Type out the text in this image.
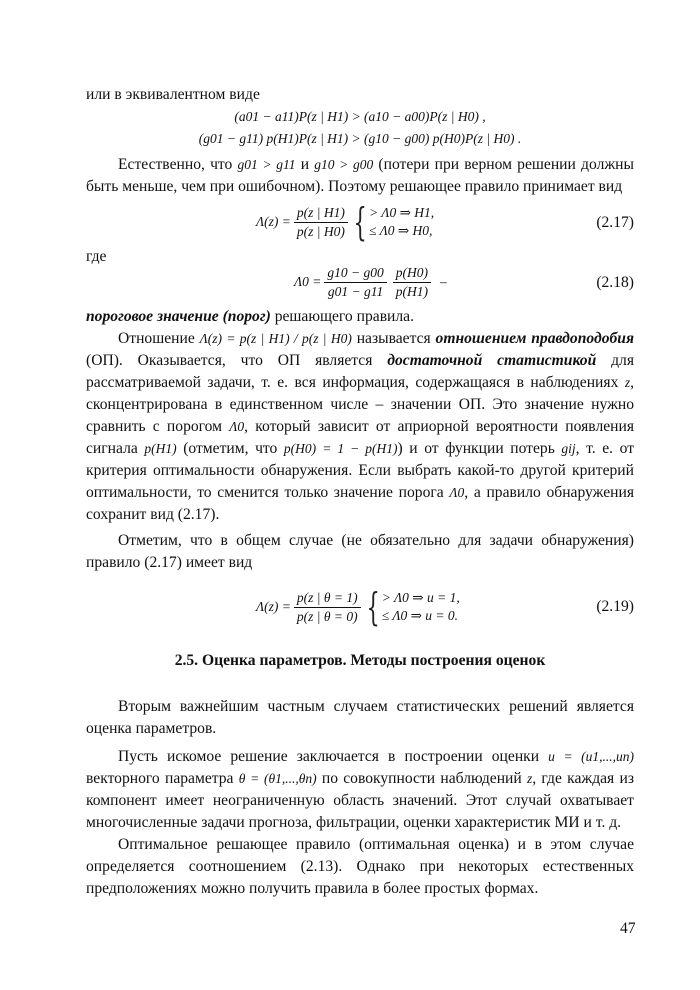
или в эквивалентном виде

(a01 − a11)P(z | H1) > (a10 − a00)P(z | H0) ,

(g01 − g11) p(H1)P(z | H1) > (g10 − g00) p(H0)P(z | H0) .

Естественно, что g01 > g11 и g10 > g00 (потери при верном решении должны быть меньше, чем при ошибочном). Поэтому решающее правило принимает вид

$\Lambda(z) = \frac{p(z | H1)}{p(z | H0)}$ { > Λ0 ⇒ H1,
≤ Λ0 ⇒ H0,	(2.17)

где

$\Lambda 0 = \frac{g10 - g00}{g01 - g11} \frac{p(H0)}{p(H1)}$ –	(2.18)

пороговое значение (порог) решающего правила.

Отношение Λ(z) = p(z | H1) / p(z | H0) называется отношением правдоподобия (ОП). Оказывается, что ОП является достаточной статистикой для рассматриваемой задачи, т. е. вся информация, содержащаяся в наблюдениях z, сконцентрирована в единственном числе – значении ОП. Это значение нужно сравнить с порогом Λ0, который зависит от априорной вероятности появления сигнала p(H1) (отметим, что p(H0) = 1 − p(H1)) и от функции потерь gij, т. е. от критерия оптимальности обнаружения. Если выбрать какой-то другой критерий оптимальности, то сменится только значение порога Λ0, а правило обнаружения сохранит вид (2.17).

Отметим, что в общем случае (не обязательно для задачи обнаружения) правило (2.17) имеет вид

$\Lambda(z) = \frac{p(z | \theta = 1)}{p(z | \theta = 0)}$ { > Λ0 ⇒ u = 1,
≤ Λ0 ⇒ u = 0.
(2.19)

2.5. Оценка параметров. Методы построения оценок

Вторым важнейшим частным случаем статистических решений является оценка параметров.

Пусть искомое решение заключается в построении оценки u = (u1,...,un) векторного параметра θ = (θ1,...,θn) по совокупности наблюдений z, где каждая из компонент имеет неограниченную область значений. Этот случай охватывает многочисленные задачи прогноза, фильтрации, оценки характеристик МИ и т. д.

Оптимальное решающее правило (оптимальная оценка) и в этом случае определяется соотношением (2.13). Однако при некоторых естественных предположениях можно получить правила в более простых формах.

47
